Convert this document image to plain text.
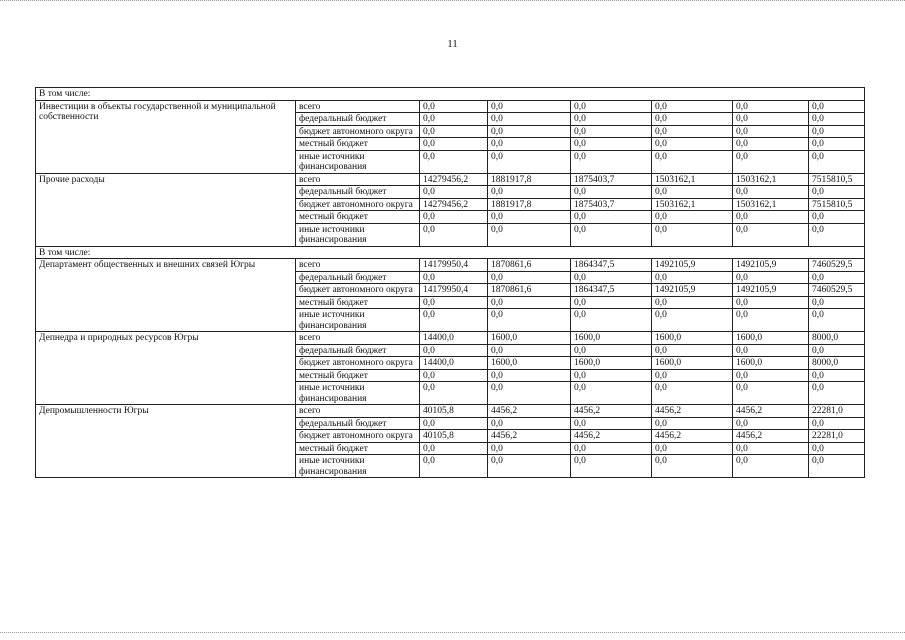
11
В том числе:							
Инвестиции в объекты государственной и муниципальной собственности	всего	0,0	0,0	0,0	0,0	0,0	0,0
	федеральный бюджет	0,0	0,0	0,0	0,0	0,0	0,0
	бюджет автономного округа	0,0	0,0	0,0	0,0	0,0	0,0
	местный бюджет	0,0	0,0	0,0	0,0	0,0	0,0
	иные источники финансирования	0,0	0,0	0,0	0,0	0,0	0,0
Прочие расходы	всего	14279456,2	1881917,8	1875403,7	1503162,1	1503162,1	7515810,5
	федеральный бюджет	0,0	0,0	0,0	0,0	0,0	0,0
	бюджет автономного округа	14279456,2	1881917,8	1875403,7	1503162,1	1503162,1	7515810,5
	местный бюджет	0,0	0,0	0,0	0,0	0,0	0,0
	иные источники финансирования	0,0	0,0	0,0	0,0	0,0	0,0
В том числе:							
Департамент общественных и внешних связей Югры	всего	14179950,4	1870861,6	1864347,5	1492105,9	1492105,9	7460529,5
	федеральный бюджет	0,0	0,0	0,0	0,0	0,0	0,0
	бюджет автономного округа	14179950,4	1870861,6	1864347,5	1492105,9	1492105,9	7460529,5
	местный бюджет	0,0	0,0	0,0	0,0	0,0	0,0
	иные источники финансирования	0,0	0,0	0,0	0,0	0,0	0,0
Депнедра и природных ресурсов Югры	всего	14400,0	1600,0	1600,0	1600,0	1600,0	8000,0
	федеральный бюджет	0,0	0,0	0,0	0,0	0,0	0,0
	бюджет автономного округа	14400,0	1600,0	1600,0	1600,0	1600,0	8000,0
	местный бюджет	0,0	0,0	0,0	0,0	0,0	0,0
	иные источники финансирования	0,0	0,0	0,0	0,0	0,0	0,0
Депромышленности Югры	всего	40105,8	4456,2	4456,2	4456,2	4456,2	22281,0
	федеральный бюджет	0,0	0,0	0,0	0,0	0,0	0,0
	бюджет автономного округа	40105,8	4456,2	4456,2	4456,2	4456,2	22281,0
	местный бюджет	0,0	0,0	0,0	0,0	0,0	0,0
	иные источники финансирования	0,0	0,0	0,0	0,0	0,0	0,0
